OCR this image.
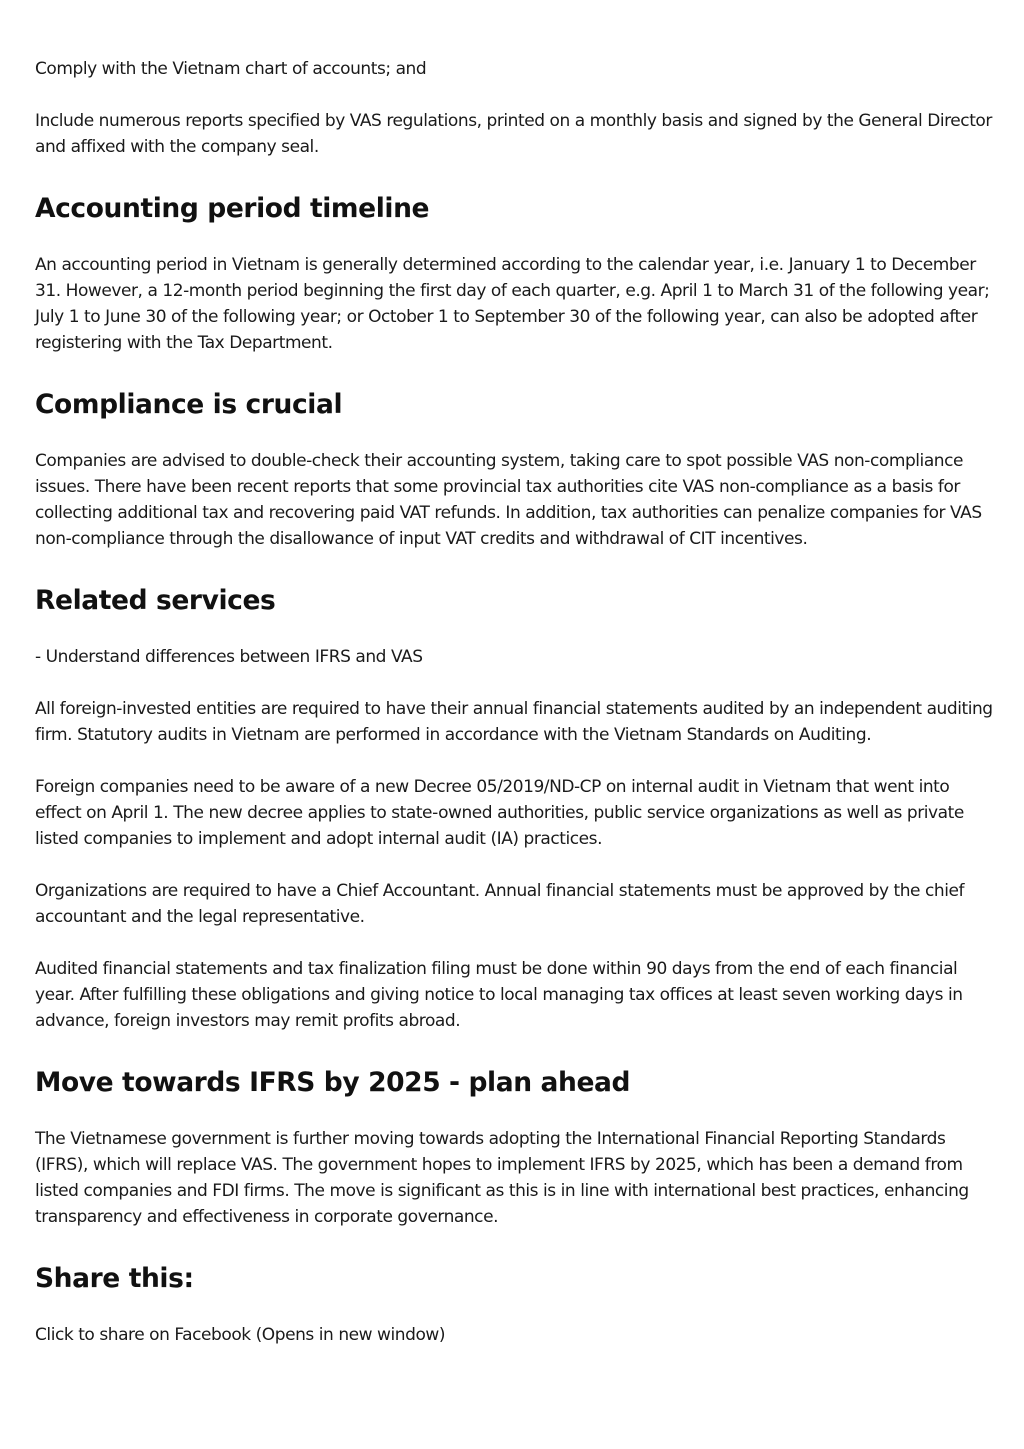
Comply with the Vietnam chart of accounts; and

Include numerous reports specified by VAS regulations, printed on a monthly basis and signed by the General Director and affixed with the company seal.

Accounting period timeline

An accounting period in Vietnam is generally determined according to the calendar year, i.e. January 1 to December 31. However, a 12-month period beginning the first day of each quarter, e.g. April 1 to March 31 of the following year; July 1 to June 30 of the following year; or October 1 to September 30 of the following year, can also be adopted after registering with the Tax Department.

Compliance is crucial

Companies are advised to double-check their accounting system, taking care to spot possible VAS non-compliance issues. There have been recent reports that some provincial tax authorities cite VAS non-compliance as a basis for collecting additional tax and recovering paid VAT refunds. In addition, tax authorities can penalize companies for VAS non-compliance through the disallowance of input VAT credits and withdrawal of CIT incentives.

Related services

- Understand differences between IFRS and VAS

All foreign-invested entities are required to have their annual financial statements audited by an independent auditing firm. Statutory audits in Vietnam are performed in accordance with the Vietnam Standards on Auditing.

Foreign companies need to be aware of a new Decree 05/2019/ND-CP on internal audit in Vietnam that went into effect on April 1. The new decree applies to state-owned authorities, public service organizations as well as private listed companies to implement and adopt internal audit (IA) practices.

Organizations are required to have a Chief Accountant. Annual financial statements must be approved by the chief accountant and the legal representative.

Audited financial statements and tax finalization filing must be done within 90 days from the end of each financial year. After fulfilling these obligations and giving notice to local managing tax offices at least seven working days in advance, foreign investors may remit profits abroad.

Move towards IFRS by 2025 - plan ahead

The Vietnamese government is further moving towards adopting the International Financial Reporting Standards (IFRS), which will replace VAS. The government hopes to implement IFRS by 2025, which has been a demand from listed companies and FDI firms. The move is significant as this is in line with international best practices, enhancing transparency and effectiveness in corporate governance.

Share this:

Click to share on Facebook (Opens in new window)
